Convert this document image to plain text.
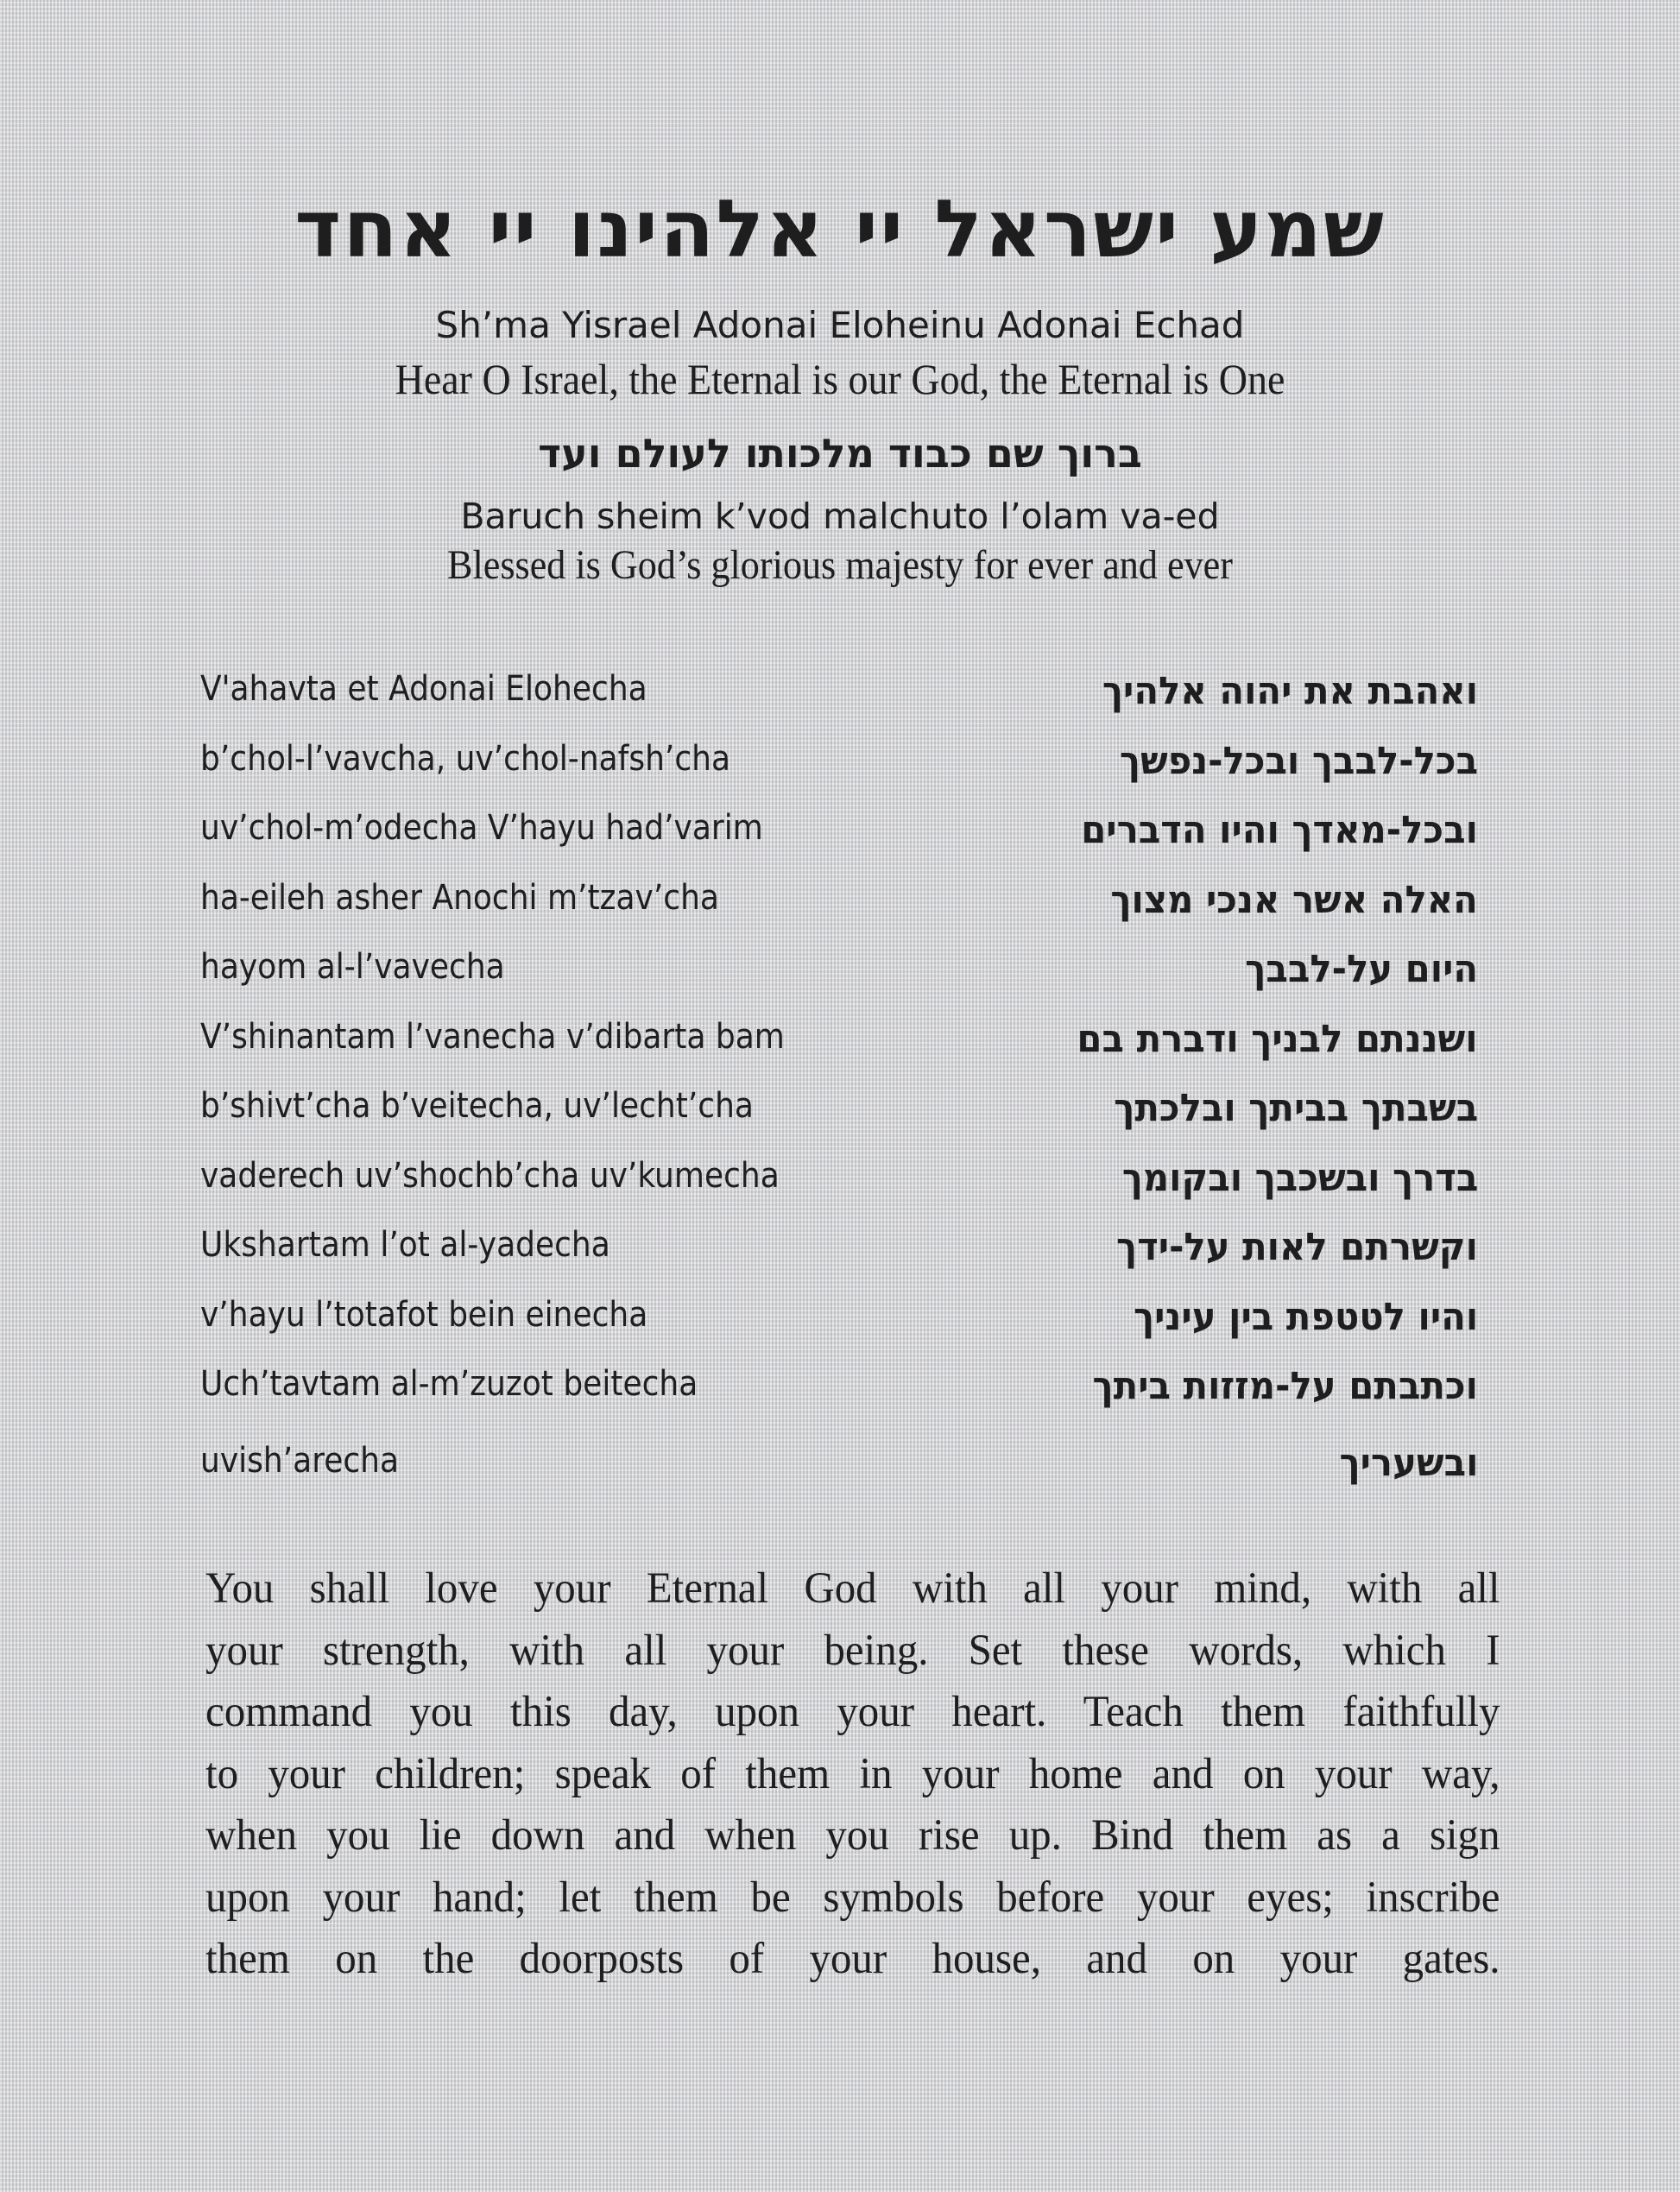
שמע ישראל יי אלהינו יי אחד
Sh’ma Yisrael Adonai Eloheinu Adonai Echad
Hear O Israel, the Eternal is our God, the Eternal is One
ברוך שם כבוד מלכותו לעולם ועד
Baruch sheim k’vod malchuto l’olam va-ed
Blessed is God’s glorious majesty for ever and ever
V'ahavta et Adonai Elohecha	ואהבת את יהוה אלהיך
b’chol-l’vavcha, uv’chol-nafsh’cha	בכל-לבבך ובכל-נפשך
uv’chol-m’odecha V’hayu had’varim	ובכל-מאדך והיו הדברים
ha-eileh asher Anochi m’tzav’cha	האלה אשר אנכי מצוך
hayom al-l’vavecha	היום על-לבבך
V’shinantam l’vanecha v’dibarta bam	ושננתם לבניך ודברת בם
b’shivt’cha b’veitecha, uv’lecht’cha	בשבתך בביתך ובלכתך
vaderech uv’shochb’cha uv’kumecha	בדרך ובשכבך ובקומך
Ukshartam l’ot al-yadecha	וקשרתם לאות על-ידך
v’hayu l’totafot bein einecha	והיו לטטפת בין עיניך
Uch’tavtam al-m’zuzot beitecha	וכתבתם על-מזזות ביתך
uvish’arecha	ובשעריך
You shall love your Eternal God with all your mind, with all
your strength, with all your being. Set these words, which I
command you this day, upon your heart. Teach them faithfully
to your children; speak of them in your home and on your way,
when you lie down and when you rise up. Bind them as a sign
upon your hand; let them be symbols before your eyes; inscribe
them on the doorposts of your house, and on your gates.
